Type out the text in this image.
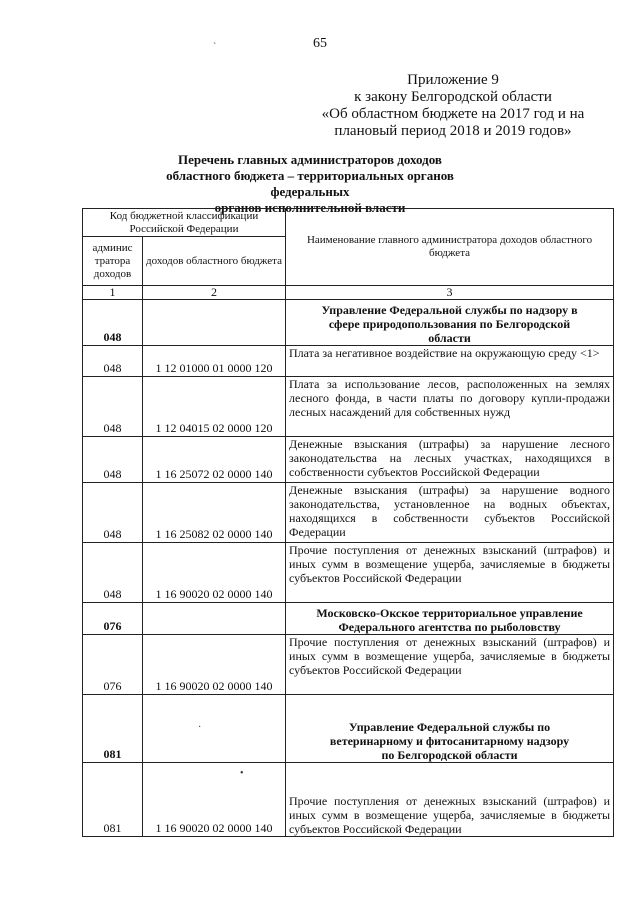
65
`
Приложение 9
к закону Белгородской области
«Об областном бюджете на 2017 год и на
плановый период 2018 и 2019 годов»
Перечень главных администраторов доходов
областного бюджета – территориальных органов федеральных
органов исполнительной власти
Код бюджетной классификации Российской Федерации		Наименование главного администратора доходов областного бюджета
админис тратора доходов	доходов областного бюджета	
1	2	3
048		Управление Федеральной службы по надзору в сфере природопользования по Белгородской области
048	1 12 01000 01 0000 120	Плата за негативное воздействие на окружающую среду <1>
048	1 12 04015 02 0000 120	Плата за использование лесов, расположенных на землях лесного фонда, в части платы по договору купли-продажи лесных насаждений для собственных нужд
048	1 16 25072 02 0000 140	Денежные взыскания (штрафы) за нарушение лесного законодательства на лесных участках, находящихся в собственности субъектов Российской Федерации
048	1 16 25082 02 0000 140	Денежные взыскания (штрафы) за нарушение водного законодательства, установленное на водных объектах, находящихся в собственности субъектов Российской Федерации
048	1 16 90020 02 0000 140	Прочие поступления от денежных взысканий (штрафов) и иных сумм в возмещение ущерба, зачисляемые в бюджеты субъектов Российской Федерации
076		Московско-Окское территориальное управление Федерального агентства по рыболовству
076	1 16 90020 02 0000 140	Прочие поступления от денежных взысканий (штрафов) и иных сумм в возмещение ущерба, зачисляемые в бюджеты субъектов Российской Федерации
081		Управление Федеральной службы по ветеринарному и фитосанитарному надзору по Белгородской области
081	1 16 90020 02 0000 140	Прочие поступления от денежных взысканий (штрафов) и иных сумм в возмещение ущерба, зачисляемые в бюджеты субъектов Российской Федерации
·
•
